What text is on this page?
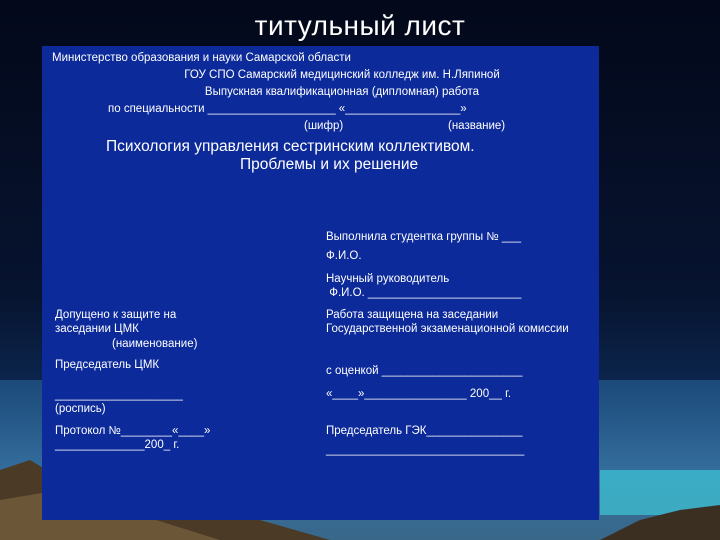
титульный лист
Министерство образования и науки Самарской области
ГОУ СПО Самарский медицинский колледж им. Н.Ляпиной
Выпускная квалификационная (дипломная) работа
по специальности ____________________ «__________________»
(шифр)	(название)
Психология управления сестринским коллективом.
Проблемы и их решение
Выполнила студентка группы № ___
Ф.И.О.
Научный руководитель
Ф.И.О. ________________________
Работа защищена на заседании
Государственной экзаменационной комиссии
с оценкой ______________________
«____»________________ 200__ г.
Председатель ГЭК_______________
_______________________________
Допущено к защите на
заседании ЦМК
(наименование)
Председатель ЦМК
____________________
(роспись)
Протокол №________«____»
______________200_ г.
